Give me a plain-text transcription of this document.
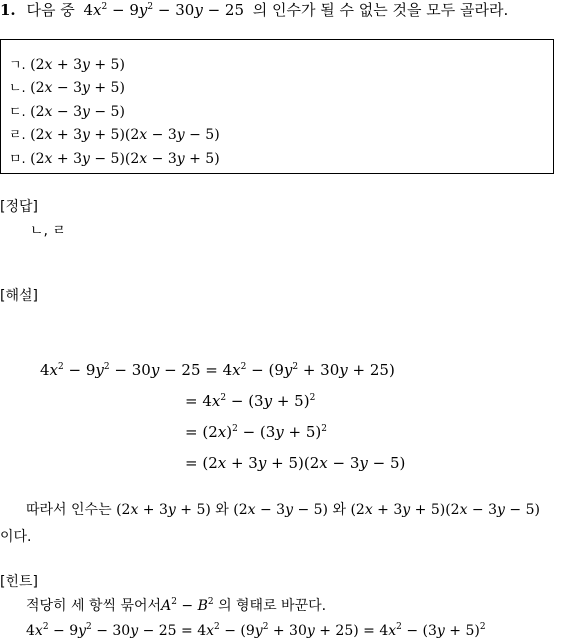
1. 다음 중 $4x^2 - 9y^2 - 30y - 25$ 의 인수가 될 수 없는 것을 모두 골라라.
ㄱ. (2x + 3y + 5)
ㄴ. (2x − 3y + 5)
ㄷ. (2x − 3y − 5)
ㄹ. (2x + 3y + 5)(2x − 3y − 5)
ㅁ. (2x + 3y − 5)(2x − 3y + 5)
[정답]
ㄴ, ㄹ
[해설]
$4x^2 - 9y^2 - 30y - 25 = 4x^2 - (9y^2 + 30y + 25)$
= $4x^2 - (3y + 5)^2$
= $(2x)^2 - (3y + 5)^2$
= (2x + 3y + 5)(2x − 3y − 5)
따라서 인수는 (2x + 3y + 5) 와 (2x − 3y − 5) 와 (2x + 3y + 5)(2x − 3y − 5)
이다.
[힌트]
적당히 세 항씩 묶어서$A^2 - B^2$ 의 형태로 바꾼다.
$4x^2 - 9y^2 - 30y - 25 = 4x^2 - (9y^2 + 30y + 25) = 4x^2 - (3y + 5)^2$
